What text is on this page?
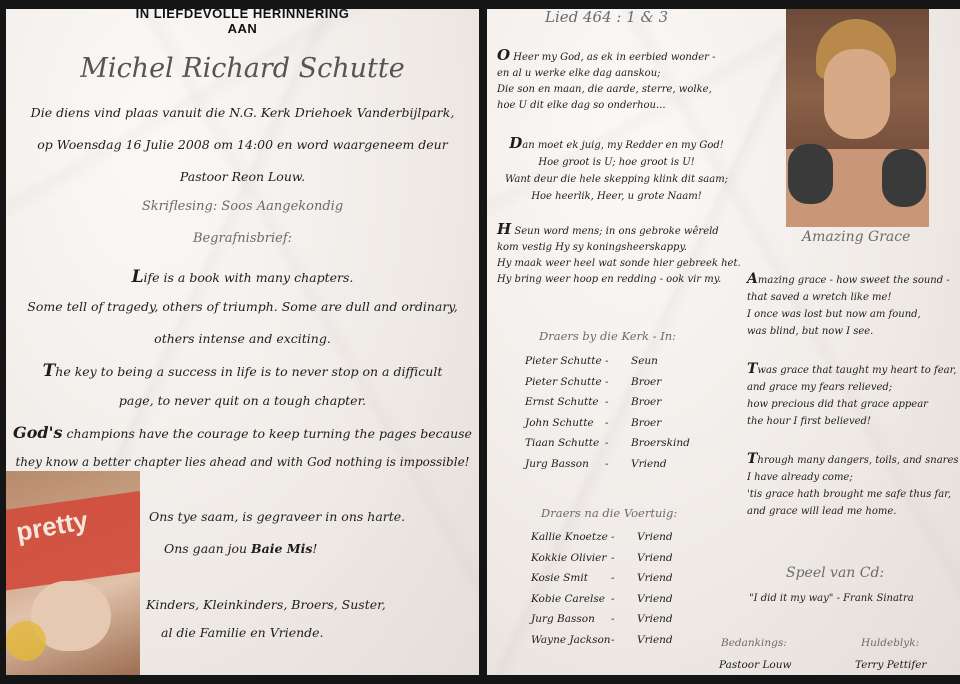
IN LIEFDEVOLLE HERINNERING
AAN
Michel Richard Schutte
Die diens vind plaas vanuit die N.G. Kerk Driehoek Vanderbijlpark,
op Woensdag 16 Julie 2008 om 14:00 en word waargeneem deur
Pastoor Reon Louw.
Skriflesing: Soos Aangekondig
Begrafnisbrief:
Life is a book with many chapters.
Some tell of tragedy, others of triumph. Some are dull and ordinary,
others intense and exciting.
The key to being a success in life is to never stop on a difficult
page, to never quit on a tough chapter.
God's champions have the courage to keep turning the pages because
they know a better chapter lies ahead and with God nothing is impossible!
pretty	Ons tye saam, is gegraveer in ons harte.
Ons gaan jou Baie Mis!
Kinders, Kleinkinders, Broers, Suster,
al die Familie en Vriende.
Lied 464 : 1 & 3
O Heer my God, as ek in eerbied wonder -
en al u werke elke dag aanskou;
Die son en maan, die aarde, sterre, wolke,
hoe U dit elke dag so onderhou...
Dan moet ek juig, my Redder en my God!
Hoe groot is U; hoe groot is U!
Want deur die hele skepping klink dit saam;
Hoe heerlik, Heer, u grote Naam!
H Seun word mens; in ons gebroke wêreld
kom vestig Hy sy koningsheerskappy.
Hy maak weer heel wat sonde hier gebreek het.
Hy bring weer hoop en redding - ook vir my.
Draers by die Kerk - In:
Pieter Schutte - Seun
Pieter Schutte - Broer
Ernst Schutte - Broer
John Schutte - Broer
Tiaan Schutte - Broerskind
Jurg Basson - Vriend
Draers na die Voertuig:
Kallie Knoetze - Vriend
Kokkie Olivier - Vriend
Kosie Smit - Vriend
Kobie Carelse - Vriend
Jurg Basson - Vriend
Wayne Jackson- Vriend
Amazing Grace
Amazing grace - how sweet the sound -
that saved a wretch like me!
I once was lost but now am found,
was blind, but now I see.
Twas grace that taught my heart to fear,
and grace my fears relieved;
how precious did that grace appear
the hour I first believed!
Through many dangers, toils, and snares
I have already come;
'tis grace hath brought me safe thus far,
and grace will lead me home.
Speel van Cd:
"I did it my way" - Frank Sinatra
Bedankings:
Pastoor Louw
Huldeblyk:
Terry Pettifer
